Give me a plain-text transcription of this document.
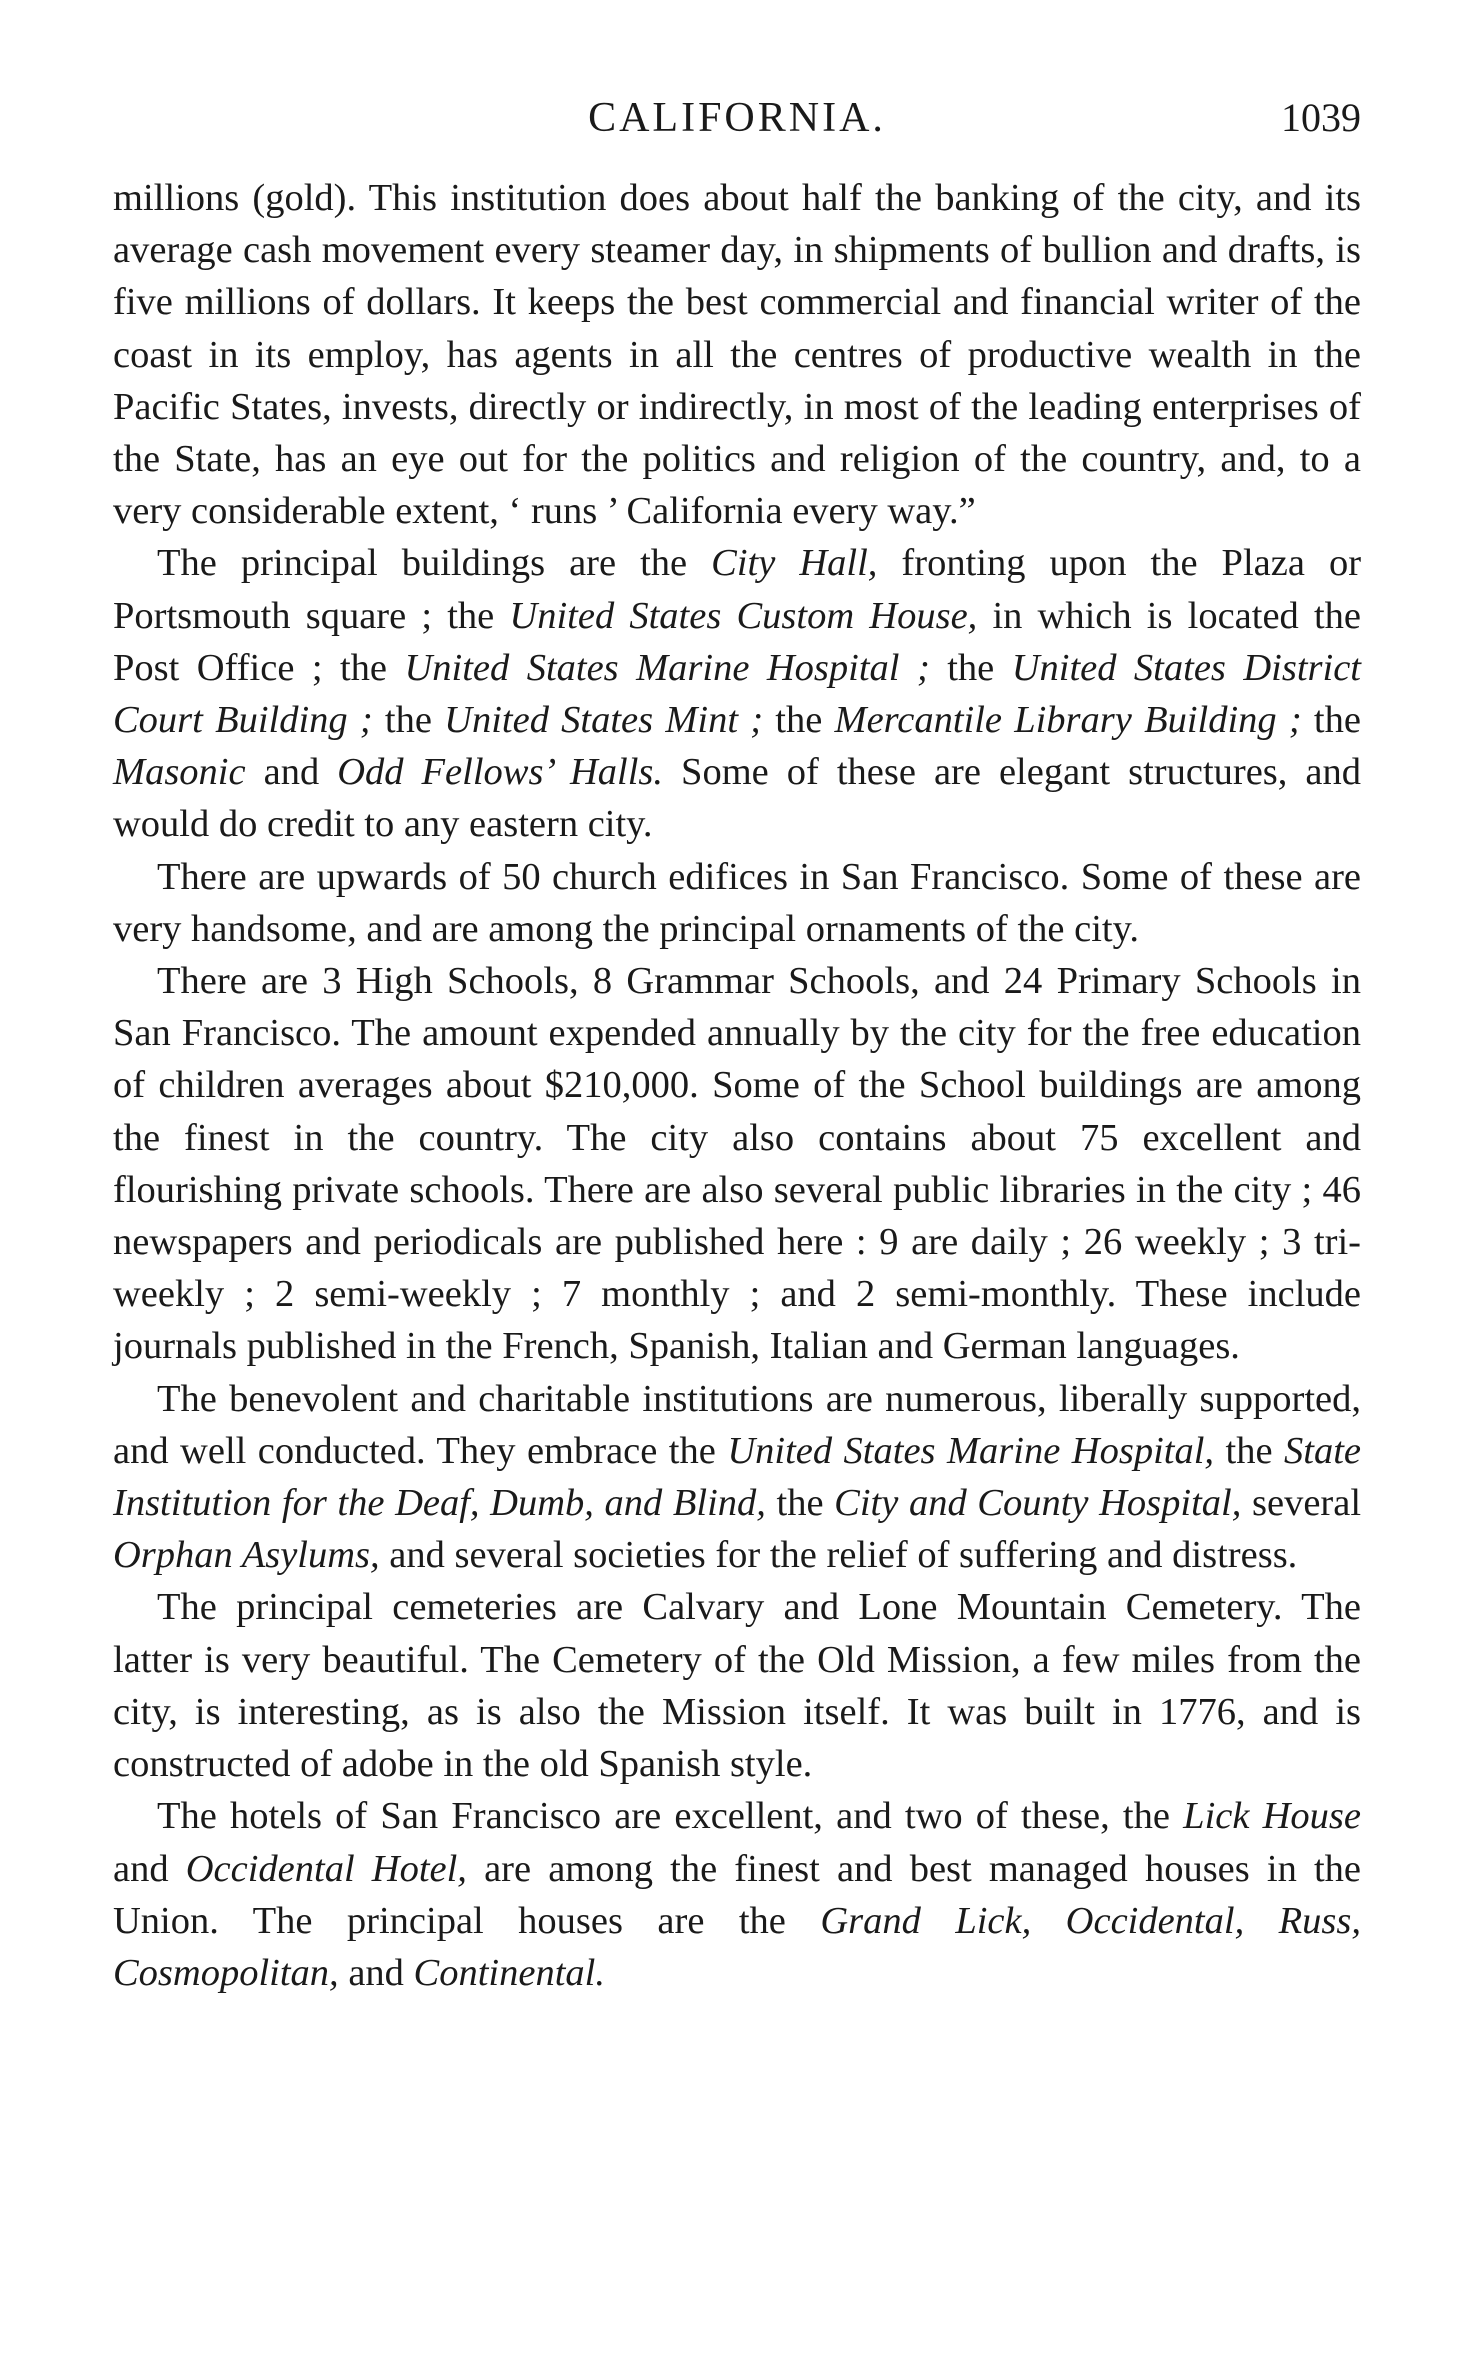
CALIFORNIA.	1039

millions (gold). This institution does about half the banking of the city, and its average cash movement every steamer day, in shipments of bullion and drafts, is five millions of dollars. It keeps the best commercial and financial writer of the coast in its employ, has agents in all the centres of productive wealth in the Pacific States, invests, directly or indirectly, in most of the leading enterprises of the State, has an eye out for the politics and religion of the country, and, to a very considerable extent, ‘ runs ’ California every way.”

The principal buildings are the City Hall, fronting upon the Plaza or Portsmouth square ; the United States Custom House, in which is located the Post Office ; the United States Marine Hospital ; the United States District Court Building ; the United States Mint ; the Mercantile Library Building ; the Masonic and Odd Fellows’ Halls. Some of these are elegant structures, and would do credit to any eastern city.

There are upwards of 50 church edifices in San Francisco. Some of these are very handsome, and are among the principal ornaments of the city.

There are 3 High Schools, 8 Grammar Schools, and 24 Primary Schools in San Francisco. The amount expended annually by the city for the free education of children averages about $210,000. Some of the School buildings are among the finest in the country. The city also contains about 75 excellent and flourishing private schools. There are also several public libraries in the city ; 46 newspapers and periodicals are published here : 9 are daily ; 26 weekly ; 3 tri-weekly ; 2 semi-weekly ; 7 monthly ; and 2 semi-monthly. These include journals published in the French, Spanish, Italian and German languages.

The benevolent and charitable institutions are numerous, liberally supported, and well conducted. They embrace the United States Marine Hospital, the State Institution for the Deaf, Dumb, and Blind, the City and County Hospital, several Orphan Asylums, and several societies for the relief of suffering and distress.

The principal cemeteries are Calvary and Lone Mountain Cemetery. The latter is very beautiful. The Cemetery of the Old Mission, a few miles from the city, is interesting, as is also the Mission itself. It was built in 1776, and is constructed of adobe in the old Spanish style.

The hotels of San Francisco are excellent, and two of these, the Lick House and Occidental Hotel, are among the finest and best managed houses in the Union. The principal houses are the Grand Lick, Occidental, Russ, Cosmopolitan, and Continental.
